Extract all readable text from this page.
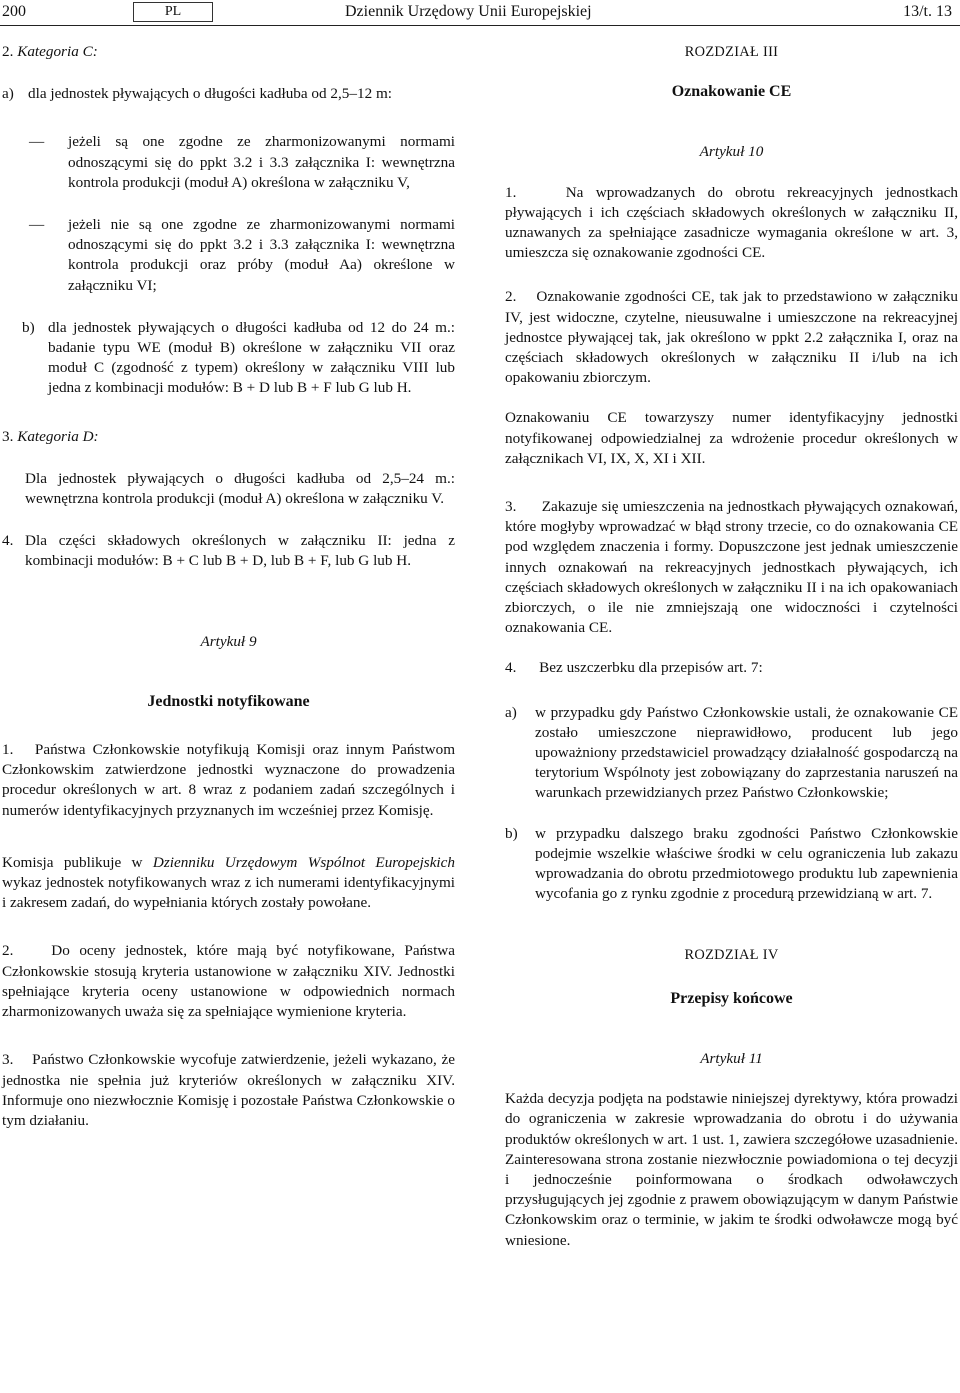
200	PL	Dziennik Urzędowy Unii Europejskiej	13/t. 13

2. Kategoria C:

a) dla jednostek pływających o długości kadłuba od 2,5–12 m:
— jeżeli są one zgodne ze zharmonizowanymi normami odnoszącymi się do ppkt 3.2 i 3.3 załącznika I: wewnętrzna kontrola produkcji (moduł A) określona w załączniku V,
— jeżeli nie są one zgodne ze zharmonizowanymi normami odnoszącymi się do ppkt 3.2 i 3.3 załącznika I: wewnętrzna kontrola produkcji oraz próby (moduł Aa) określone w załączniku VI;
b) dla jednostek pływających o długości kadłuba od 12 do 24 m.: badanie typu WE (moduł B) określone w załączniku VII oraz moduł C (zgodność z typem) określony w załączniku VIII lub jedna z kombinacji modułów: B + D lub B + F lub G lub H.

3. Kategoria D:

Dla jednostek pływających o długości kadłuba od 2,5–24 m.: wewnętrzna kontrola produkcji (moduł A) określona w załączniku V.

4. Dla części składowych określonych w załączniku II: jedna z kombinacji modułów: B + C lub B + D, lub B + F, lub G lub H.

Artykuł 9

Jednostki notyfikowane

1. Państwa Członkowskie notyfikują Komisji oraz innym Państwom Członkowskim zatwierdzone jednostki wyznaczone do prowadzenia procedur określonych w art. 8 wraz z podaniem zadań szczególnych i numerów identyfikacyjnych przyznanych im wcześniej przez Komisję.

Komisja publikuje w Dzienniku Urzędowym Wspólnot Europejskich wykaz jednostek notyfikowanych wraz z ich numerami identyfikacyjnymi i zakresem zadań, do wypełniania których zostały powołane.

2. Do oceny jednostek, które mają być notyfikowane, Państwa Członkowskie stosują kryteria ustanowione w załączniku XIV. Jednostki spełniające kryteria oceny ustanowione w odpowiednich normach zharmonizowanych uważa się za spełniające wymienione kryteria.

3. Państwo Członkowskie wycofuje zatwierdzenie, jeżeli wykazano, że jednostka nie spełnia już kryteriów określonych w załączniku XIV. Informuje ono niezwłocznie Komisję i pozostałe Państwa Członkowskie o tym działaniu.

ROZDZIAŁ III

Oznakowanie CE

Artykuł 10

1.	Na wprowadzanych do obrotu rekreacyjnych jednostkach pływających i ich częściach składowych określonych w załączniku II, uznawanych za spełniające zasadnicze wymagania określone w art. 3, umieszcza się oznakowanie zgodności CE.

2. Oznakowanie zgodności CE, tak jak to przedstawiono w załączniku IV, jest widoczne, czytelne, nieusuwalne i umieszczone na rekreacyjnej jednostce pływającej tak, jak określono w ppkt 2.2 załącznika I, oraz na częściach składowych określonych w załączniku II i/lub na ich opakowaniu zbiorczym.

Oznakowaniu CE towarzyszy numer identyfikacyjny jednostki notyfikowanej odpowiedzialnej za wdrożenie procedur określonych w załącznikach VI, IX, X, XI i XII.

3. Zakazuje się umieszczenia na jednostkach pływających oznakowań, które mogłyby wprowadzać w błąd strony trzecie, co do oznakowania CE pod względem znaczenia i formy. Dopuszczone jest jednak umieszczenie innych oznakowań na rekreacyjnych jednostkach pływających, ich częściach składowych określonych w załączniku II i na ich opakowaniach zbiorczych, o ile nie zmniejszają one widoczności i czytelności oznakowania CE.

4. Bez uszczerbku dla przepisów art. 7:

a) w przypadku gdy Państwo Członkowskie ustali, że oznakowanie CE zostało umieszczone nieprawidłowo, producent lub jego upoważniony przedstawiciel prowadzący działalność gospodarczą na terytorium Wspólnoty jest zobowiązany do zaprzestania naruszeń na warunkach przewidzianych przez Państwo Członkowskie;
b) w przypadku dalszego braku zgodności Państwo Członkowskie podejmie wszelkie właściwe środki w celu ograniczenia lub zakazu wprowadzania do obrotu przedmiotowego produktu lub zapewnienia wycofania go z rynku zgodnie z procedurą przewidzianą w art. 7.

ROZDZIAŁ IV

Przepisy końcowe

Artykuł 11

Każda decyzja podjęta na podstawie niniejszej dyrektywy, która prowadzi do ograniczenia w zakresie wprowadzania do obrotu i do używania produktów określonych w art. 1 ust. 1, zawiera szczegółowe uzasadnienie. Zainteresowana strona zostanie niezwłocznie powiadomiona o tej decyzji i jednocześnie poinformowana o środkach odwoławczych przysługujących jej zgodnie z prawem obowiązującym w danym Państwie Członkowskim oraz o terminie, w jakim te środki odwoławcze mogą być wniesione.
